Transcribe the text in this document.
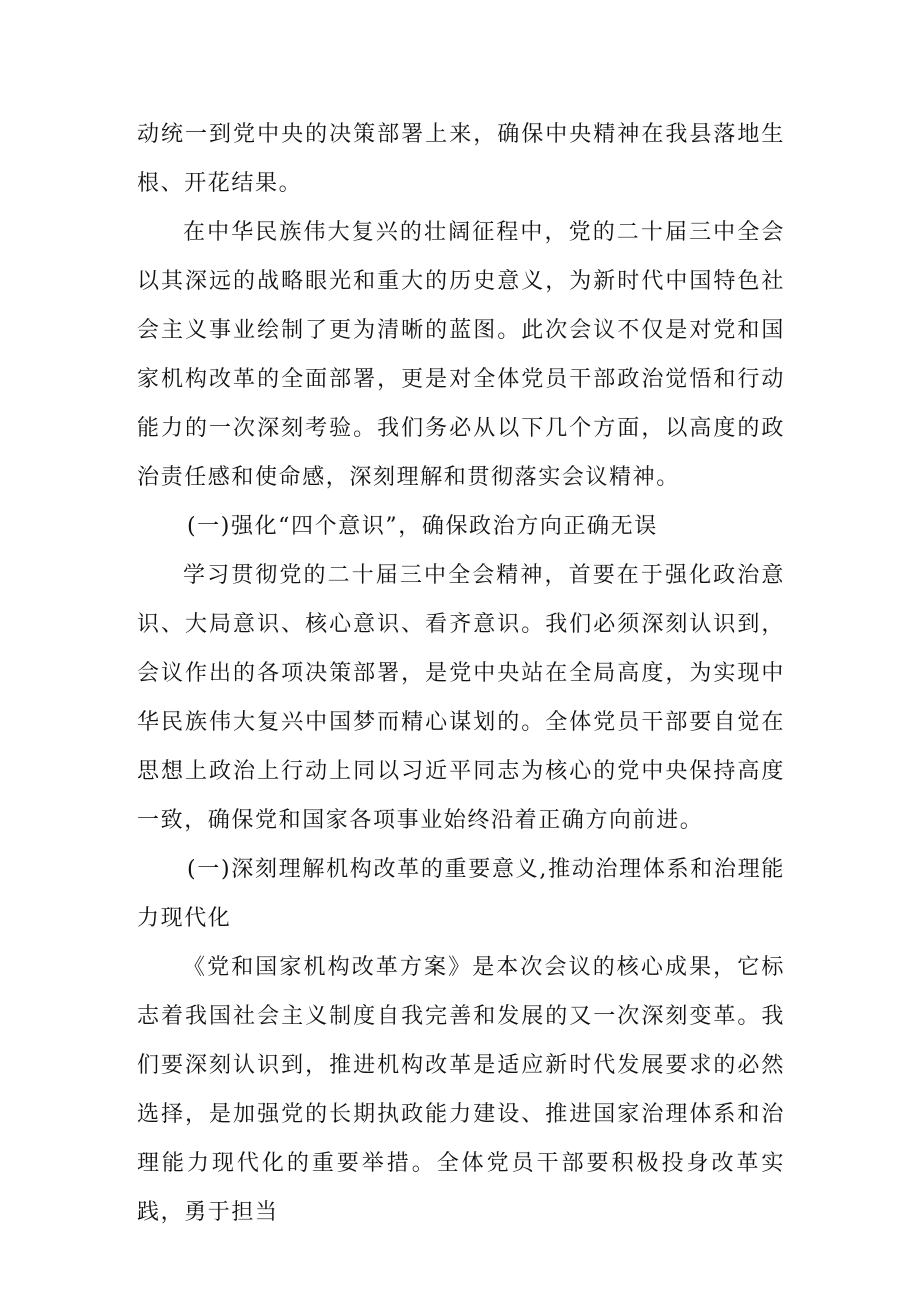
动统一到党中央的决策部署上来，确保中央精神在我县落地生根、开花结果。

在中华民族伟大复兴的壮阔征程中，党的二十届三中全会以其深远的战略眼光和重大的历史意义，为新时代中国特色社会主义事业绘制了更为清晰的蓝图。此次会议不仅是对党和国家机构改革的全面部署，更是对全体党员干部政治觉悟和行动能力的一次深刻考验。我们务必从以下几个方面，以高度的政治责任感和使命感，深刻理解和贯彻落实会议精神。

(一)强化“四个意识”，确保政治方向正确无误

学习贯彻党的二十届三中全会精神，首要在于强化政治意识、大局意识、核心意识、看齐意识。我们必须深刻认识到，会议作出的各项决策部署，是党中央站在全局高度，为实现中华民族伟大复兴中国梦而精心谋划的。全体党员干部要自觉在思想上政治上行动上同以习近平同志为核心的党中央保持高度一致，确保党和国家各项事业始终沿着正确方向前进。

(一)深刻理解机构改革的重要意义,推动治理体系和治理能力现代化

《党和国家机构改革方案》是本次会议的核心成果，它标志着我国社会主义制度自我完善和发展的又一次深刻变革。我们要深刻认识到，推进机构改革是适应新时代发展要求的必然选择，是加强党的长期执政能力建设、推进国家治理体系和治理能力现代化的重要举措。全体党员干部要积极投身改革实践，勇于担当
